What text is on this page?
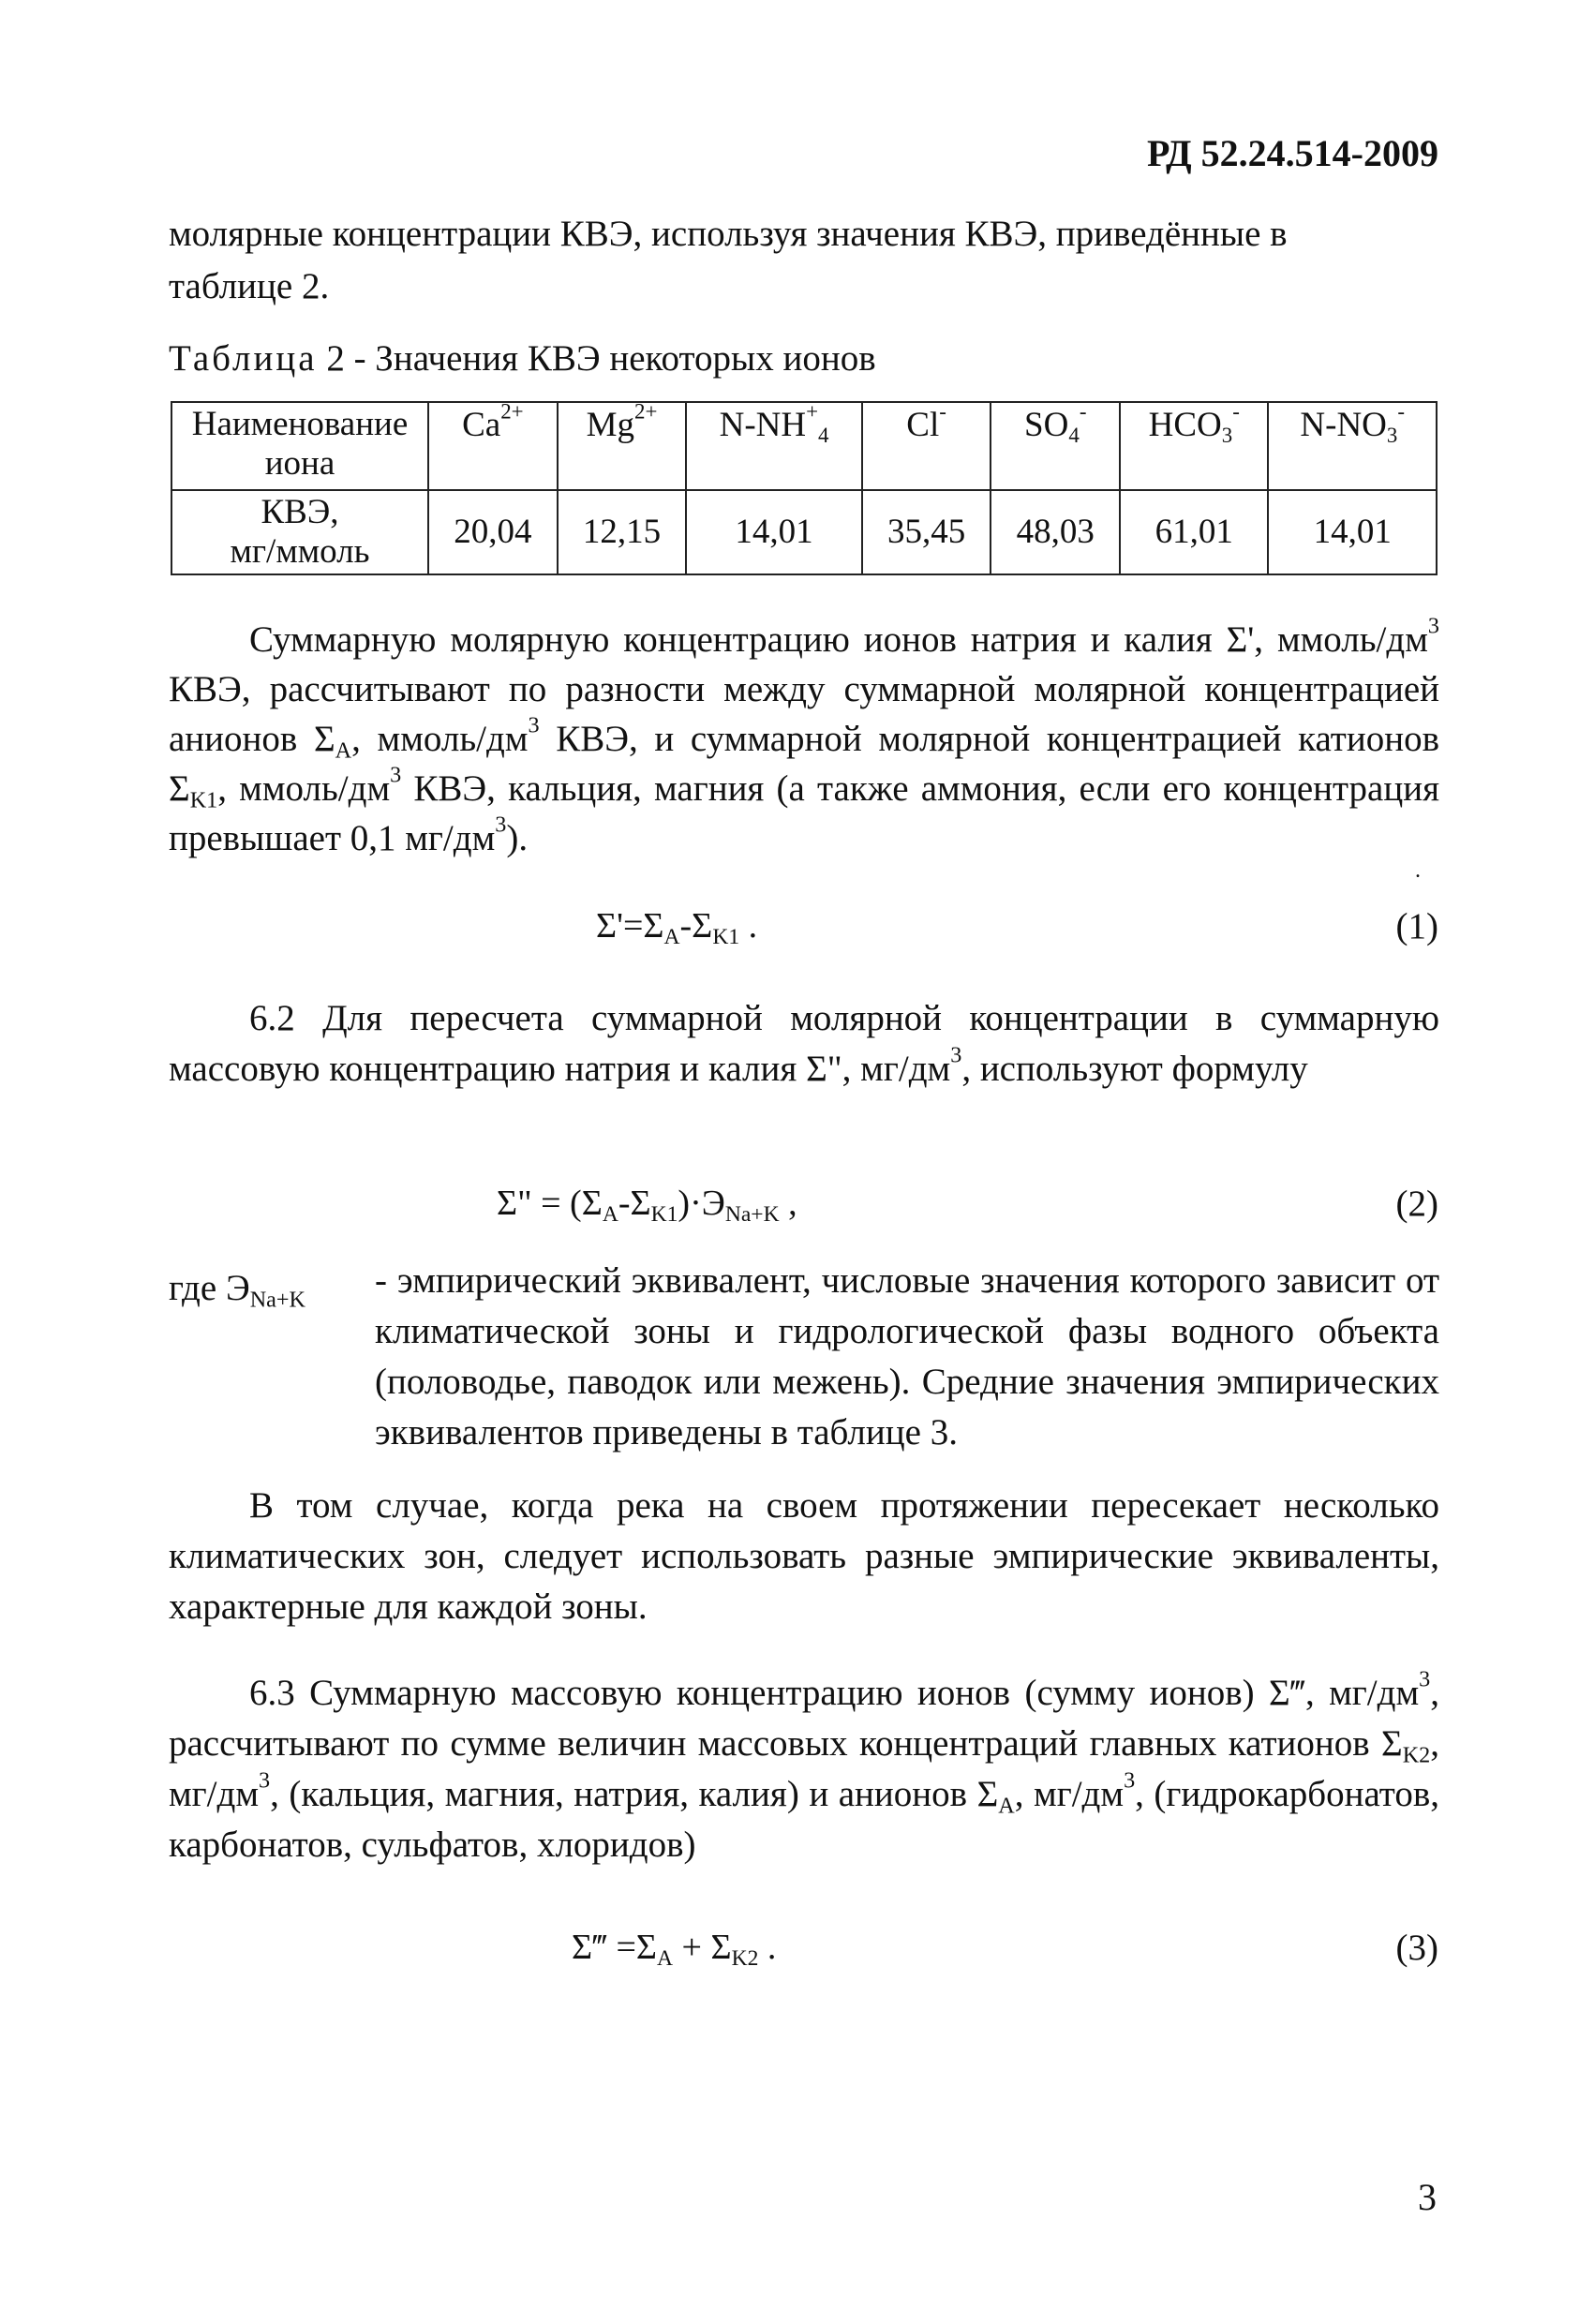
РД 52.24.514-2009

молярные концентрации КВЭ, используя значения КВЭ, приведённые в
таблице 2.

Таблица 2 - Значения КВЭ некоторых ионов
Наименование
иона	$Ca^{2+}$	$Mg^{2+}$	$N-NH^+_4$	Cl-	$SO_4^-$	$HCO_3^-$	$N-NO_3^-$
КВЭ,
мг/ммоль	20,04	12,15	14,01	35,45	48,03	61,01	14,01

Суммарную молярную концентрацию ионов натрия и калия Σ', ммоль/$дм^3$ КВЭ, рассчитывают по разности между суммарной молярной концентрацией анионов $\Sigma_A$, ммоль/$дм^3$ КВЭ, и суммарной молярной концентрацией катионов $\Sigma_{K1}$, ммоль/$дм^3$ КВЭ, кальция, магния (а также аммония, если его концентрация превышает 0,1 $мг/дм^3$).

.
$\Sigma'=\Sigma_A-\Sigma_{K1}$ .	(1)

6.2 Для пересчета суммарной молярной концентрации в суммарную массовую концентрацию натрия и калия Σ", $мг/дм^3$, используют формулу

Σ" = $(\Sigma_A-\Sigma_{K1})\cdot Э_{Na+K}$ ,	(2)
где $Э_{Na+K}$ - эмпирический эквивалент, числовые значения которого зависит от климатической зоны и гидрологической фазы водного объекта (половодье, паводок или межень). Средние значения эмпирических эквивалентов приведены в таблице 3.

В том случае, когда река на своем протяжении пересекает несколько климатических зон, следует использовать разные эмпирические эквиваленты, характерные для каждой зоны.

6.3 Суммарную массовую концентрацию ионов (сумму ионов) Σ‴, $мг/дм^3$, рассчитывают по сумме величин массовых концентраций главных катионов $\Sigma_{K2}$, $мг/дм^3$, (кальция, магния, натрия, калия) и анионов $\Sigma_A$, $мг/дм^3$, (гидрокарбонатов, карбонатов, сульфатов, хлоридов)

Σ‴ $=\Sigma_A + \Sigma_{K2}$ .	(3)
3
